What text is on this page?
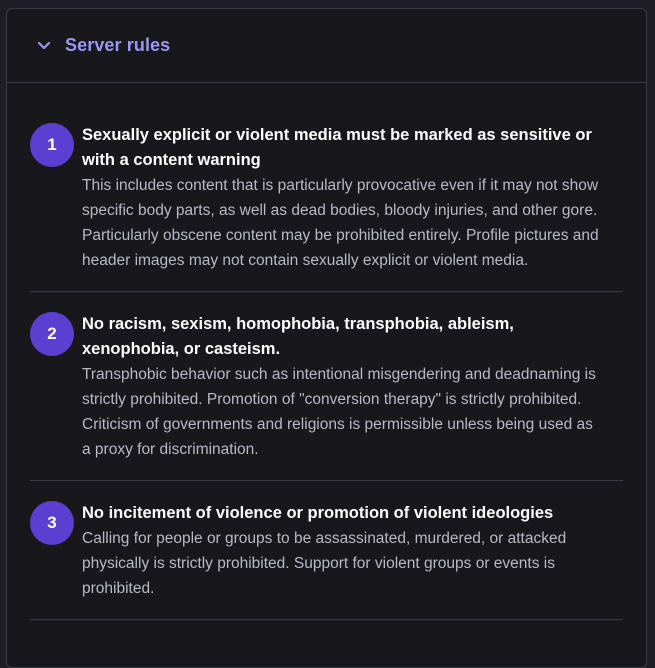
Server rules
1	Sexually explicit or violent media must be marked as sensitive or with a content warning
This includes content that is particularly provocative even if it may not show specific body parts, as well as dead bodies, bloody injuries, and other gore. Particularly obscene content may be prohibited entirely. Profile pictures and header images may not contain sexually explicit or violent media.
2	No racism, sexism, homophobia, transphobia, ableism, xenophobia, or casteism.
Transphobic behavior such as intentional misgendering and deadnaming is strictly prohibited. Promotion of "conversion therapy" is strictly prohibited. Criticism of governments and religions is permissible unless being used as a proxy for discrimination.
3	No incitement of violence or promotion of violent ideologies
Calling for people or groups to be assassinated, murdered, or attacked physically is strictly prohibited. Support for violent groups or events is prohibited.
